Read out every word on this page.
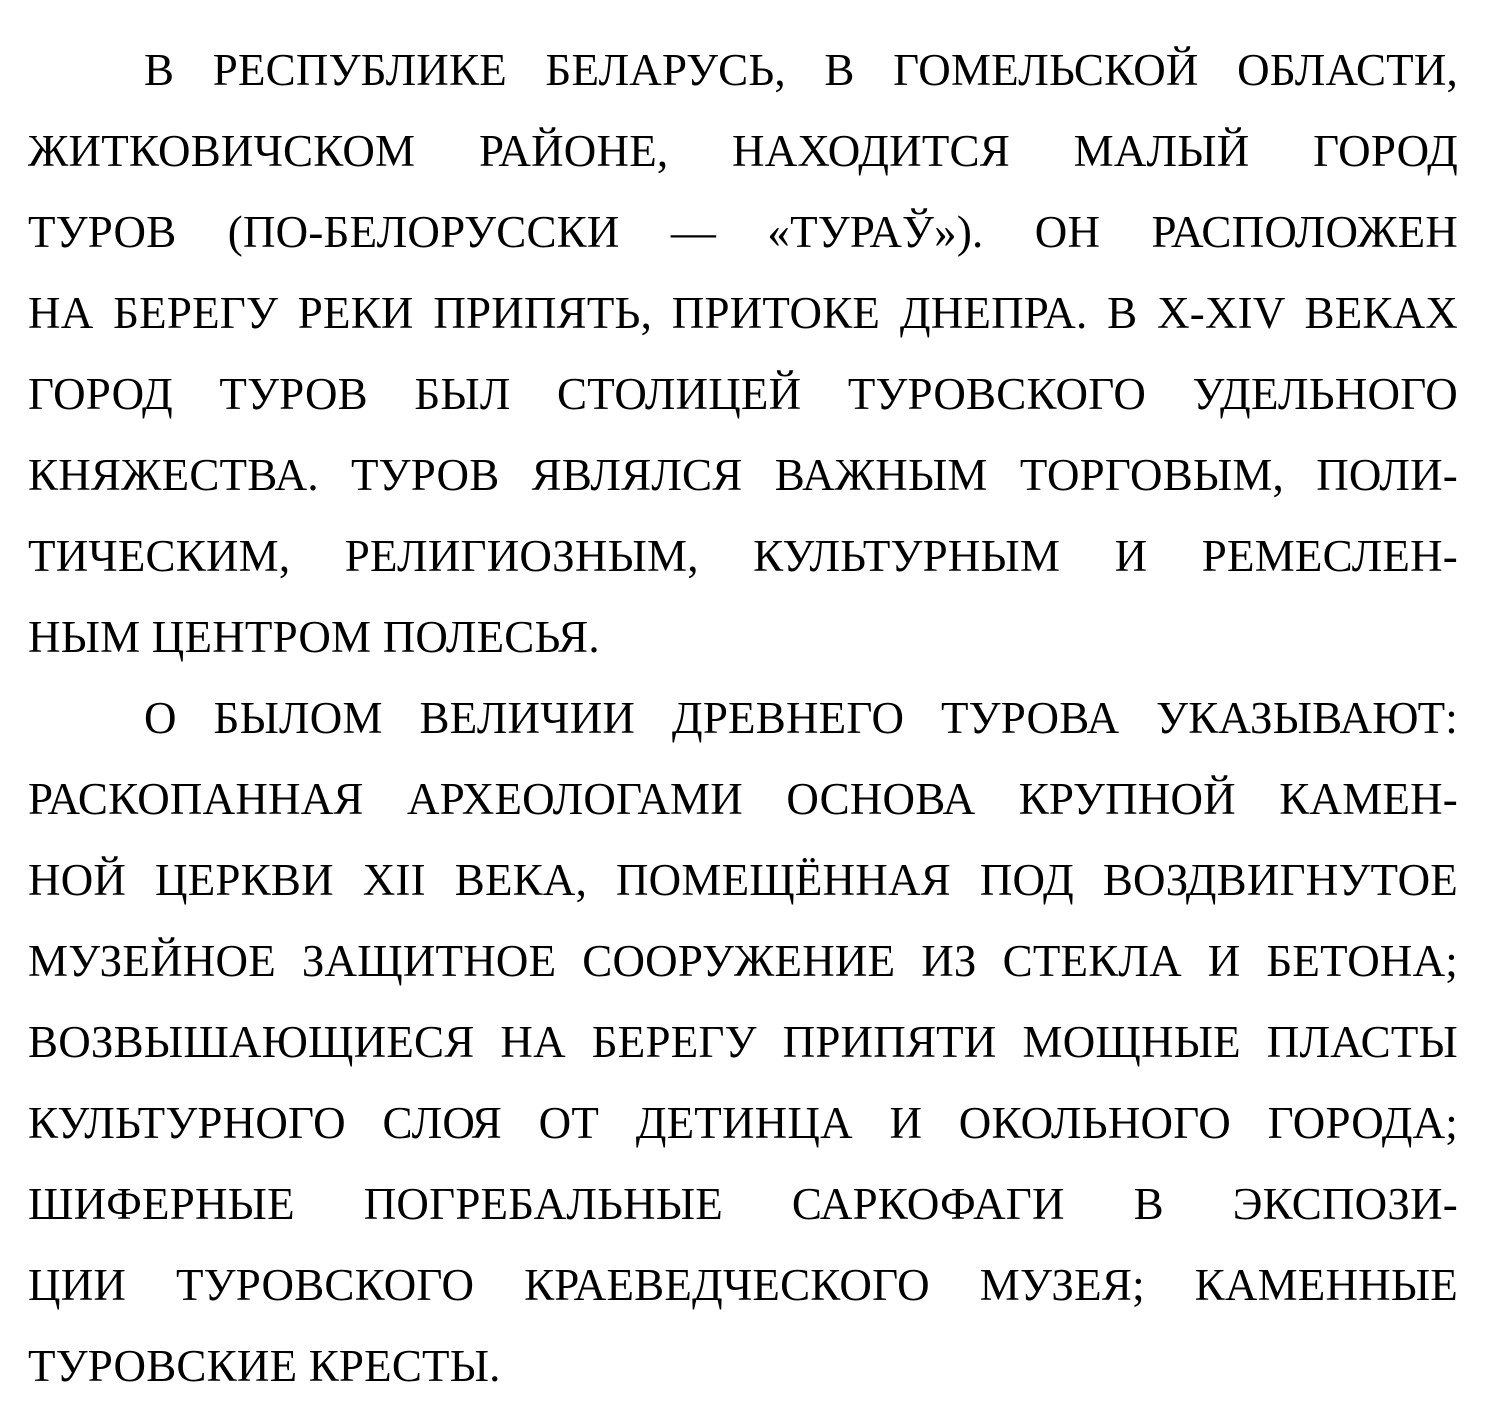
В РЕСПУБЛИКЕ БЕЛАРУСЬ, В ГОМЕЛЬСКОЙ ОБЛАСТИ,
ЖИТКОВИЧСКОМ РАЙОНЕ, НАХОДИТСЯ МАЛЫЙ ГОРОД
ТУРОВ (ПО-БЕЛОРУССКИ — «ТУРАЎ»). ОН РАСПОЛОЖЕН
НА БЕРЕГУ РЕКИ ПРИПЯТЬ, ПРИТОКЕ ДНЕПРА. В X-XIV ВЕКАХ
ГОРОД ТУРОВ БЫЛ СТОЛИЦЕЙ ТУРОВСКОГО УДЕЛЬНОГО
КНЯЖЕСТВА. ТУРОВ ЯВЛЯЛСЯ ВАЖНЫМ ТОРГОВЫМ, ПОЛИ-
ТИЧЕСКИМ, РЕЛИГИОЗНЫМ, КУЛЬТУРНЫМ И РЕМЕСЛЕН-
НЫМ ЦЕНТРОМ ПОЛЕСЬЯ.
О БЫЛОМ ВЕЛИЧИИ ДРЕВНЕГО ТУРОВА УКАЗЫВАЮТ:
РАСКОПАННАЯ АРХЕОЛОГАМИ ОСНОВА КРУПНОЙ КАМЕН-
НОЙ ЦЕРКВИ XII ВЕКА, ПОМЕЩЁННАЯ ПОД ВОЗДВИГНУТОЕ
МУЗЕЙНОЕ ЗАЩИТНОЕ СООРУЖЕНИЕ ИЗ СТЕКЛА И БЕТОНА;
ВОЗВЫШАЮЩИЕСЯ НА БЕРЕГУ ПРИПЯТИ МОЩНЫЕ ПЛАСТЫ
КУЛЬТУРНОГО СЛОЯ ОТ ДЕТИНЦА И ОКОЛЬНОГО ГОРОДА;
ШИФЕРНЫЕ ПОГРЕБАЛЬНЫЕ САРКОФАГИ В ЭКСПОЗИ-
ЦИИ ТУРОВСКОГО КРАЕВЕДЧЕСКОГО МУЗЕЯ; КАМЕННЫЕ
ТУРОВСКИЕ КРЕСТЫ.
